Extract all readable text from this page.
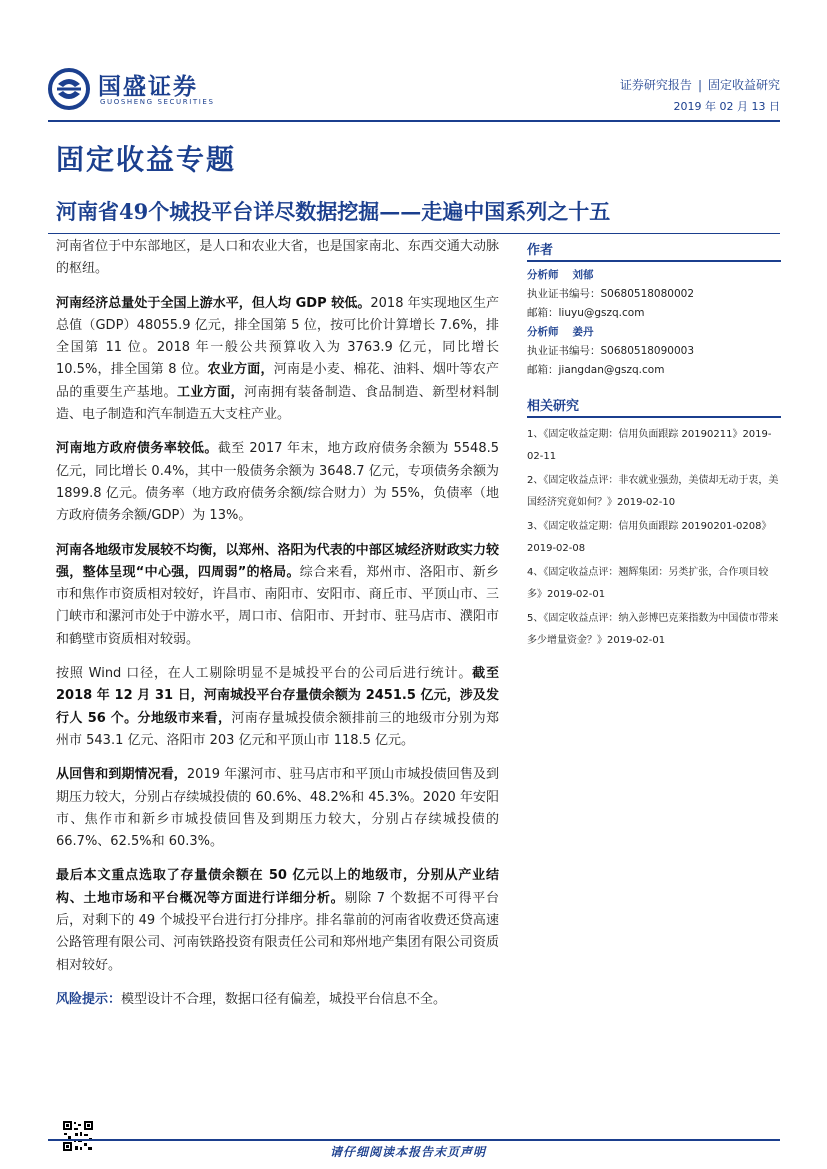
国盛证券
GUOSHENG SECURITIES
证券研究报告 | 固定收益研究
2019 年 02 月 13 日
固定收益专题
河南省49个城投平台详尽数据挖掘——走遍中国系列之十五

河南省位于中东部地区，是人口和农业大省，也是国家南北、东西交通大动脉的枢纽。

河南经济总量处于全国上游水平，但人均 GDP 较低。2018 年实现地区生产总值（GDP）48055.9 亿元，排全国第 5 位，按可比价计算增长 7.6%，排全国第 11 位。2018 年一般公共预算收入为 3763.9 亿元，同比增长 10.5%，排全国第 8 位。农业方面，河南是小麦、棉花、油料、烟叶等农产品的重要生产基地。工业方面，河南拥有装备制造、食品制造、新型材料制造、电子制造和汽车制造五大支柱产业。

河南地方政府债务率较低。截至 2017 年末，地方政府债务余额为 5548.5 亿元，同比增长 0.4%，其中一般债务余额为 3648.7 亿元，专项债务余额为 1899.8 亿元。债务率（地方政府债务余额/综合财力）为 55%，负债率（地方政府债务余额/GDP）为 13%。

河南各地级市发展较不均衡，以郑州、洛阳为代表的中部区城经济财政实力较强，整体呈现“中心强，四周弱”的格局。综合来看，郑州市、洛阳市、新乡市和焦作市资质相对较好，许昌市、南阳市、安阳市、商丘市、平顶山市、三门峡市和漯河市处于中游水平，周口市、信阳市、开封市、驻马店市、濮阳市和鹤壁市资质相对较弱。

按照 Wind 口径，在人工剔除明显不是城投平台的公司后进行统计。截至 2018 年 12 月 31 日，河南城投平台存量债余额为 2451.5 亿元，涉及发行人 56 个。分地级市来看，河南存量城投债余额排前三的地级市分别为郑州市 543.1 亿元、洛阳市 203 亿元和平顶山市 118.5 亿元。

从回售和到期情况看，2019 年漯河市、驻马店市和平顶山市城投债回售及到期压力较大，分别占存续城投债的 60.6%、48.2%和 45.3%。2020 年安阳市、焦作市和新乡市城投债回售及到期压力较大，分别占存续城投债的 66.7%、62.5%和 60.3%。

最后本文重点选取了存量债余额在 50 亿元以上的地级市，分别从产业结构、土地市场和平台概况等方面进行详细分析。剔除 7 个数据不可得平台后，对剩下的 49 个城投平台进行打分排序。排名靠前的河南省收费还贷高速公路管理有限公司、河南铁路投资有限责任公司和郑州地产集团有限公司资质相对较好。

风险提示：模型设计不合理，数据口径有偏差，城投平台信息不全。

作者
分析师 刘郁
执业证书编号：S0680518080002
邮箱：liuyu@gszq.com
分析师 姜丹
执业证书编号：S0680518090003
邮箱：jiangdan@gszq.com
相关研究
1、《固定收益定期：信用负面跟踪 20190211》2019-02-11
2、《固定收益点评：非农就业强劲，美债却无动于衷，美国经济究竟如何？》2019-02-10
3、《固定收益定期：信用负面跟踪 20190201-0208》2019-02-08
4、《固定收益点评：翘辉集团：另类扩张，合作项目较多》2019-02-01
5、《固定收益点评：纳入彭博巴克莱指数为中国债市带来多少增量资金？》2019-02-01
请仔细阅读本报告末页声明
